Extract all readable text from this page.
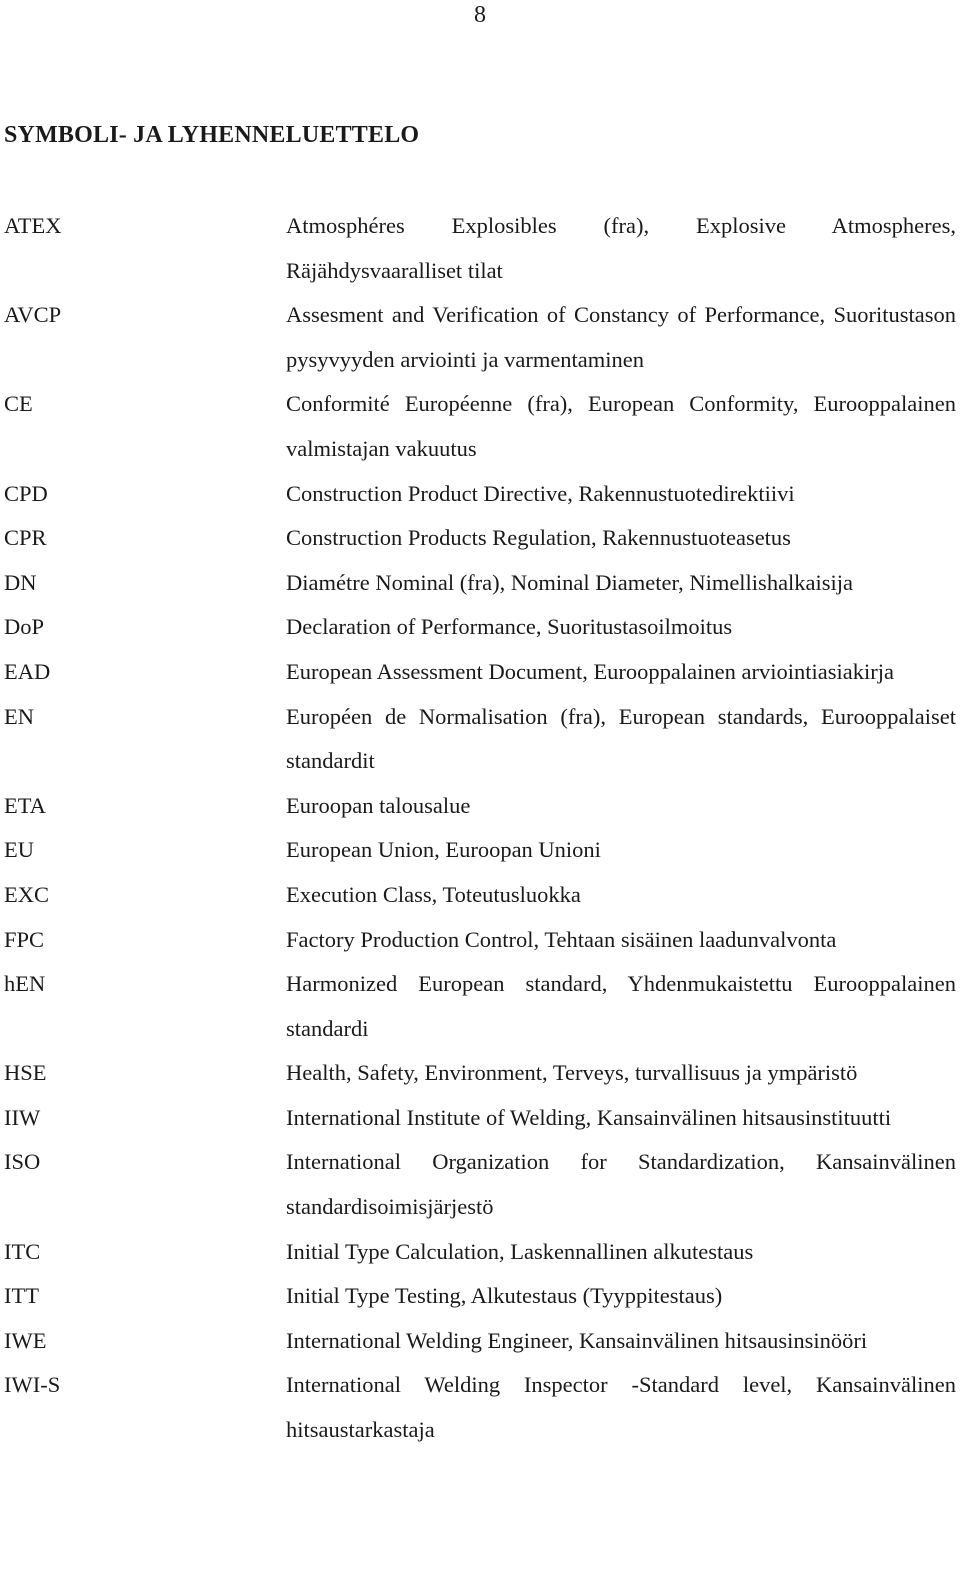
8
SYMBOLI- JA LYHENNELUETTELO
ATEX	Atmosphéres Explosibles (fra), Explosive Atmospheres, Räjähdysvaaralliset tilat
AVCP	Assesment and Verification of Constancy of Performance, Suoritustason pysyvyyden arviointi ja varmentaminen
CE	Conformité Européenne (fra), European Conformity, Eurooppalainen valmistajan vakuutus
CPD	Construction Product Directive, Rakennustuotedirektiivi
CPR	Construction Products Regulation, Rakennustuoteasetus
DN	Diamétre Nominal (fra), Nominal Diameter, Nimellishalkaisija
DoP	Declaration of Performance, Suoritustasoilmoitus
EAD	European Assessment Document, Eurooppalainen arviointiasiakirja
EN	Européen de Normalisation (fra), European standards, Eurooppalaiset standardit
ETA	Euroopan talousalue
EU	European Union, Euroopan Unioni
EXC	Execution Class, Toteutusluokka
FPC	Factory Production Control, Tehtaan sisäinen laadunvalvonta
hEN	Harmonized European standard, Yhdenmukaistettu Eurooppalainen standardi
HSE	Health, Safety, Environment, Terveys, turvallisuus ja ympäristö
IIW	International Institute of Welding, Kansainvälinen hitsausinstituutti
ISO	International Organization for Standardization, Kansainvälinen standardisoimisjärjestö
ITC	Initial Type Calculation, Laskennallinen alkutestaus
ITT	Initial Type Testing, Alkutestaus (Tyyppitestaus)
IWE	International Welding Engineer, Kansainvälinen hitsausinsinööri
IWI-S	International Welding Inspector -Standard level, Kansainvälinen hitsaustarkastaja
